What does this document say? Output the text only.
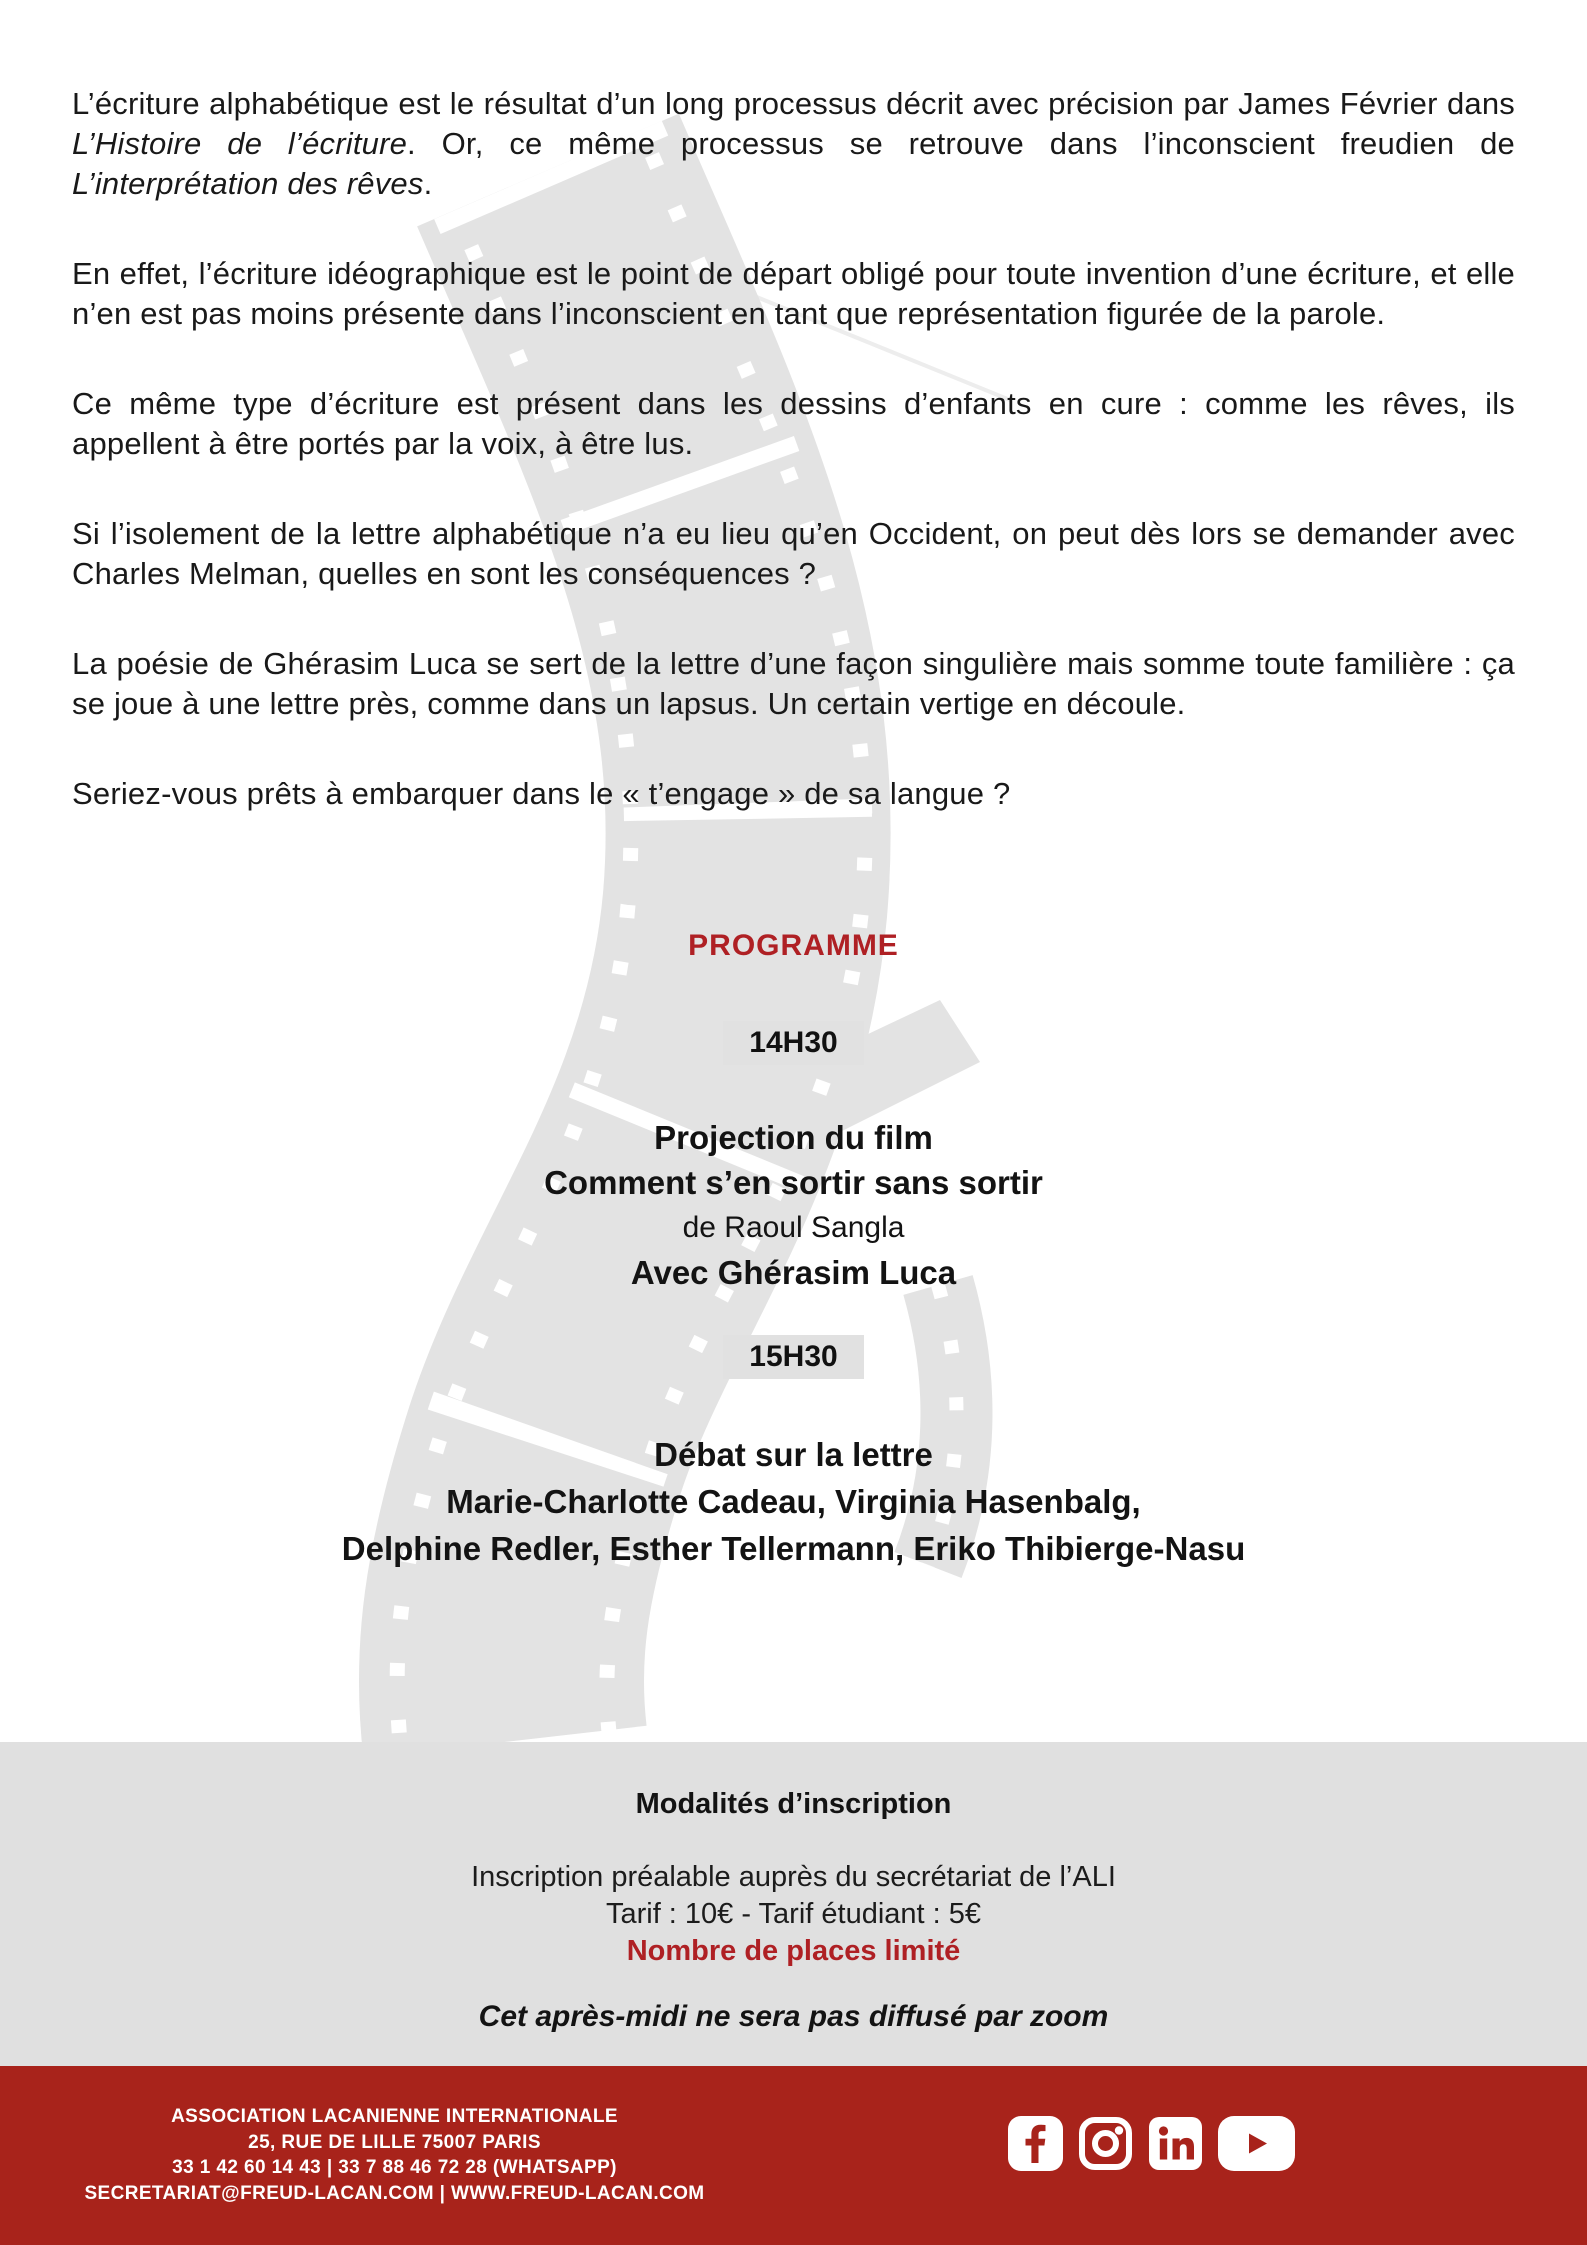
L’écriture alphabétique est le résultat d’un long processus décrit avec précision par James Février dans L’Histoire de l’écriture. Or, ce même processus se retrouve dans l’inconscient freudien de L’interprétation des rêves.

En effet, l’écriture idéographique est le point de départ obligé pour toute invention d’une écriture, et elle n’en est pas moins présente dans l’inconscient en tant que représentation figurée de la parole.

Ce même type d’écriture est présent dans les dessins d’enfants en cure : comme les rêves, ils appellent à être portés par la voix, à être lus.

Si l’isolement de la lettre alphabétique n’a eu lieu qu’en Occident, on peut dès lors se demander avec Charles Melman, quelles en sont les conséquences ?

La poésie de Ghérasim Luca se sert de la lettre d’une façon singulière mais somme toute familière : ça se joue à une lettre près, comme dans un lapsus. Un certain vertige en découle.

Seriez-vous prêts à embarquer dans le « t’engage » de sa langue ?

PROGRAMME
14H30
Projection du film
Comment s’en sortir sans sortir
de Raoul Sangla
Avec Ghérasim Luca
15H30
Débat sur la lettre
Marie-Charlotte Cadeau, Virginia Hasenbalg,
Delphine Redler, Esther Tellermann, Eriko Thibierge-Nasu
Modalités d’inscription
Inscription préalable auprès du secrétariat de l’ALI
Tarif : 10€ - Tarif étudiant : 5€
Nombre de places limité
Cet après-midi ne sera pas diffusé par zoom
ASSOCIATION LACANIENNE INTERNATIONALE
25, RUE DE LILLE 75007 PARIS
33 1 42 60 14 43 | 33 7 88 46 72 28 (WHATSAPP)
SECRETARIAT@FREUD-LACAN.COM | WWW.FREUD-LACAN.COM
